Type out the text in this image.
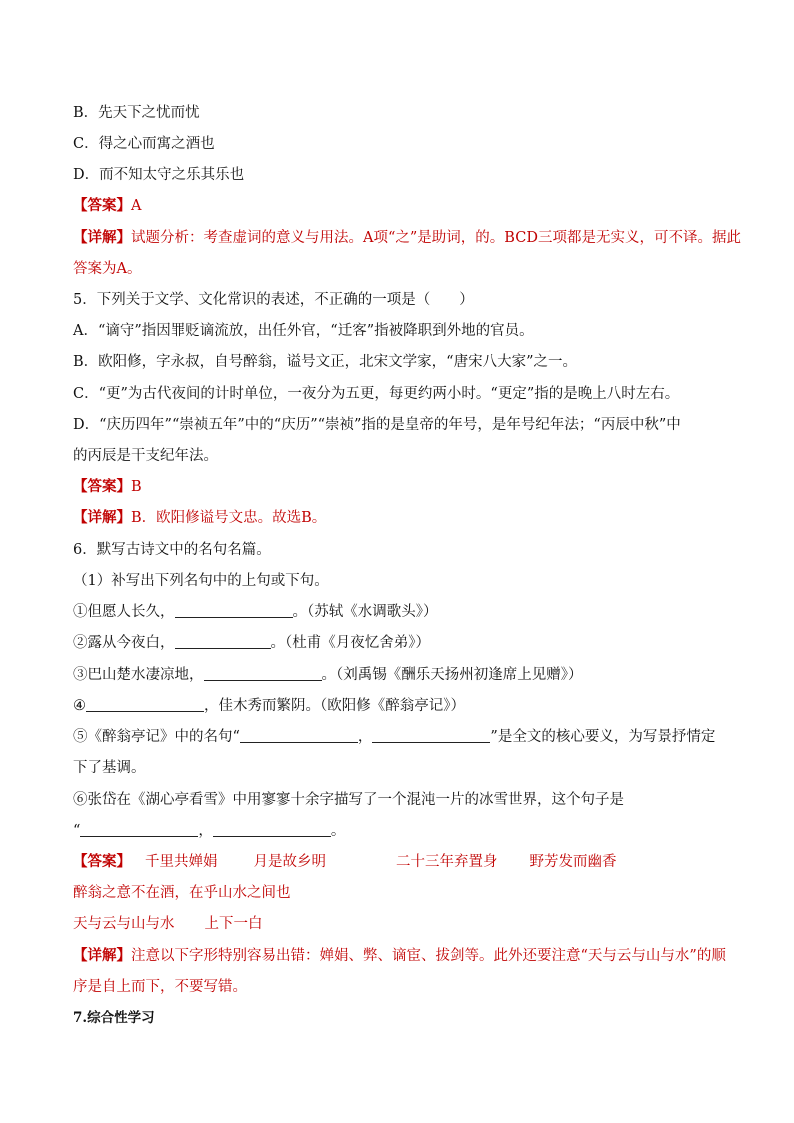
B．先天下之忧而忧
C．得之心而寓之酒也
D．而不知太守之乐其乐也
【答案】A
【详解】试题分析：考查虚词的意义与用法。A项“之”是助词，的。BCD三项都是无实义，可不译。据此
答案为A。
5．下列关于文学、文化常识的表述，不正确的一项是（　　）
A．“谪守”指因罪贬谪流放，出任外官，“迁客”指被降职到外地的官员。
B．欧阳修，字永叔，自号醉翁，谥号文正，北宋文学家，“唐宋八大家”之一。
C．“更”为古代夜间的计时单位，一夜分为五更，每更约两小时。“更定”指的是晚上八时左右。
D．“庆历四年”“崇祯五年”中的“庆历”“崇祯”指的是皇帝的年号，是年号纪年法；“丙辰中秋”中
的丙辰是干支纪年法。
【答案】B
【详解】B．欧阳修谥号文忠。故选B。
6．默写古诗文中的名句名篇。
（1）补写出下列名句中的上句或下句。
①但愿人长久，	。（苏轼《水调歌头》）
②露从今夜白，	。（杜甫《月夜忆舍弟》）
③巴山楚水凄凉地，	。（刘禹锡《酬乐天扬州初逢席上见赠》）
④	，佳木秀而繁阴。（欧阳修《醉翁亭记》）
⑤《醉翁亭记》中的名句“	，	”是全文的核心要义，为写景抒情定
下了基调。
⑥张岱在《湖心亭看雪》中用寥寥十余字描写了一个混沌一片的冰雪世界，这个句子是
“	，	。
【答案】 千里共婵娟 月是故乡明	二十三年弃置身 野芳发而幽香
醉翁之意不在酒，在乎山水之间也
天与云与山与水 上下一白
【详解】注意以下字形特别容易出错：婵娟、弊、谪宦、拔剑等。此外还要注意“天与云与山与水”的顺
序是自上而下，不要写错。
7.综合性学习
